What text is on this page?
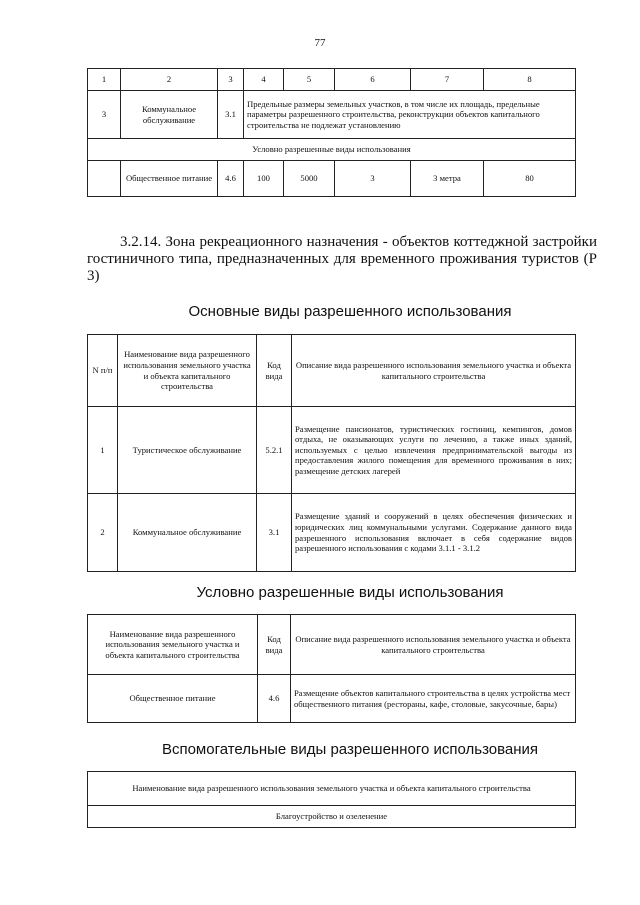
77
1	2	3	4	5	6	7	8
3	Коммунальное обслуживание	3.1	Предельные размеры земельных участков, в том числе их площадь, предельные параметры разрешенного строительства, реконструкции объектов капитального строительства не подлежат установлению				
Условно разрешенные виды использования							
	Общественное питание	4.6	100	5000	3	3 метра	80
3.2.14. Зона рекреационного назначения - объектов коттеджной застройки гостиничного типа, предназначенных для временного проживания туристов (Р 3)
Основные виды разрешенного использования
N п/п	Наименование вида разрешенного использования земельного участка и объекта капитального строительства	Код вида	Описание вида разрешенного использования земельного участка и объекта капитального строительства
1	Туристическое обслуживание	5.2.1	Размещение пансионатов, туристических гостиниц, кемпингов, домов отдыха, не оказывающих услуги по лечению, а также иных зданий, используемых с целью извлечения предпринимательской выгоды из предоставления жилого помещения для временного проживания в них; размещение детских лагерей
2	Коммунальное обслуживание	3.1	Размещение зданий и сооружений в целях обеспечения физических и юридических лиц коммунальными услугами. Содержание данного вида разрешенного использования включает в себя содержание видов разрешенного использования с кодами 3.1.1 - 3.1.2
Условно разрешенные виды использования
Наименование вида разрешенного использования земельного участка и объекта капитального строительства	Код вида	Описание вида разрешенного использования земельного участка и объекта капитального строительства
Общественное питание	4.6	Размещение объектов капитального строительства в целях устройства мест общественного питания (рестораны, кафе, столовые, закусочные, бары)
Вспомогательные виды разрешенного использования
Наименование вида разрешенного использования земельного участка и объекта капитального строительства
Благоустройство и озеленение
